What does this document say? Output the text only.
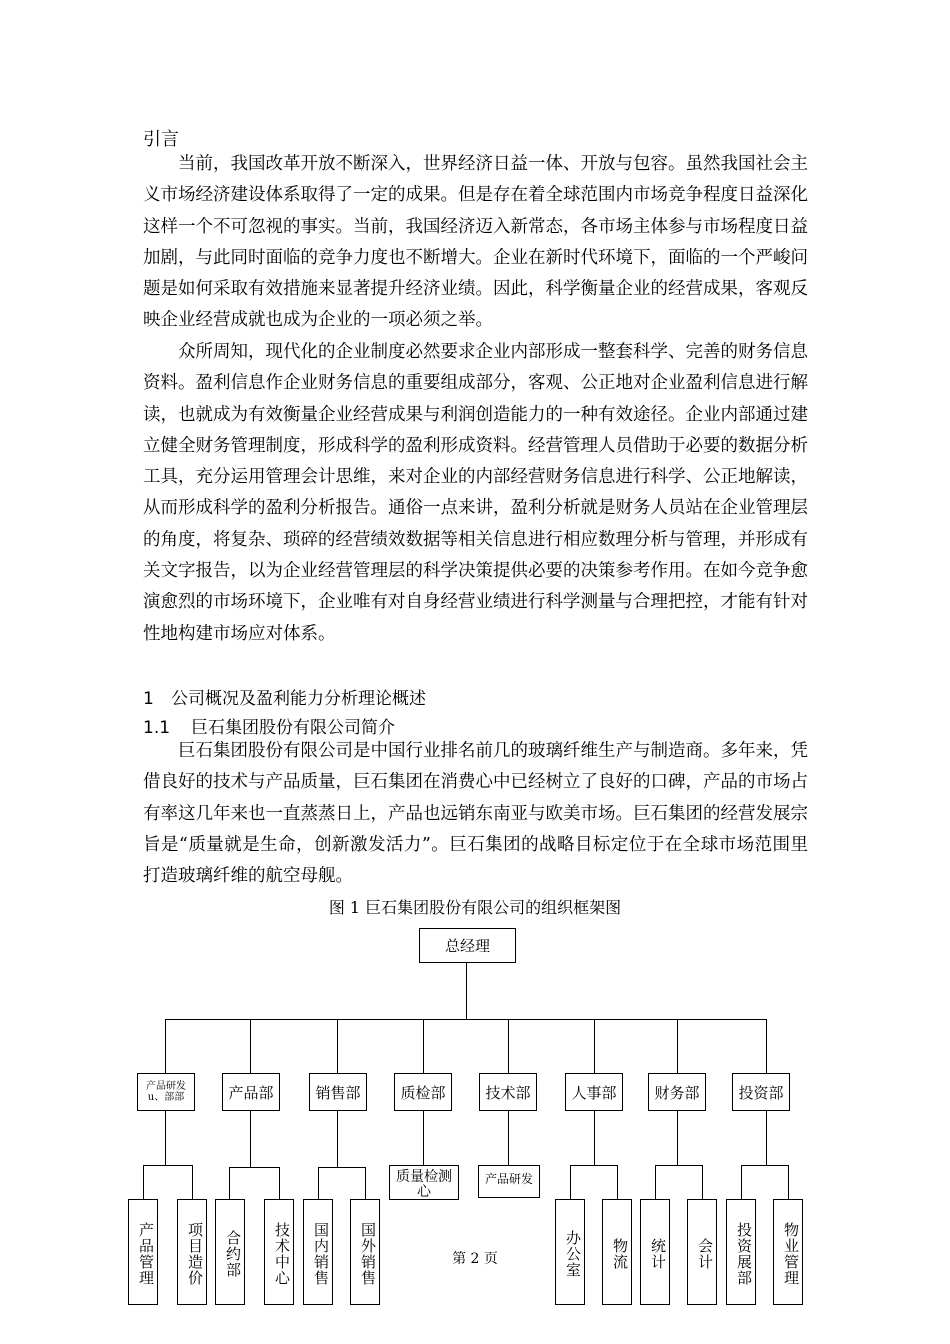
引言

当前，我国改革开放不断深入，世界经济日益一体、开放与包容。虽然我国社会主义市场经济建设体系取得了一定的成果。但是存在着全球范围内市场竞争程度日益深化这样一个不可忽视的事实。当前，我国经济迈入新常态，各市场主体参与市场程度日益加剧，与此同时面临的竞争力度也不断增大。企业在新时代环境下，面临的一个严峻问题是如何采取有效措施来显著提升经济业绩。因此，科学衡量企业的经营成果，客观反映企业经营成就也成为企业的一项必须之举。

众所周知，现代化的企业制度必然要求企业内部形成一整套科学、完善的财务信息资料。盈利信息作企业财务信息的重要组成部分，客观、公正地对企业盈利信息进行解读，也就成为有效衡量企业经营成果与利润创造能力的一种有效途径。企业内部通过建立健全财务管理制度，形成科学的盈利形成资料。经营管理人员借助于必要的数据分析工具，充分运用管理会计思维，来对企业的内部经营财务信息进行科学、公正地解读，从而形成科学的盈利分析报告。通俗一点来讲，盈利分析就是财务人员站在企业管理层的角度，将复杂、琐碎的经营绩效数据等相关信息进行相应数理分析与管理，并形成有关文字报告，以为企业经营管理层的科学决策提供必要的决策参考作用。在如今竞争愈演愈烈的市场环境下，企业唯有对自身经营业绩进行科学测量与合理把控，才能有针对性地构建市场应对体系。

1 公司概况及盈利能力分析理论概述
1.1 巨石集团股份有限公司简介

巨石集团股份有限公司是中国行业排名前几的玻璃纤维生产与制造商。多年来，凭借良好的技术与产品质量，巨石集团在消费心中已经树立了良好的口碑，产品的市场占有率这几年来也一直蒸蒸日上，产品也远销东南亚与欧美市场。巨石集团的经营发展宗旨是“质量就是生命，创新激发活力”。巨石集团的战略目标定位于在全球市场范围里打造玻璃纤维的航空母舰。

图 1 巨石集团股份有限公司的组织框架图
总经理
产品研发u、部部	产品部	销售部	质检部	技术部	人事部	财务部	投资部
质量检测心
产品研发
产品管理	项目造价	合约部	技术中心	国内销售	国外销售	办公室	物流	统计	会计	投资展部	物业管理
第 2 页
